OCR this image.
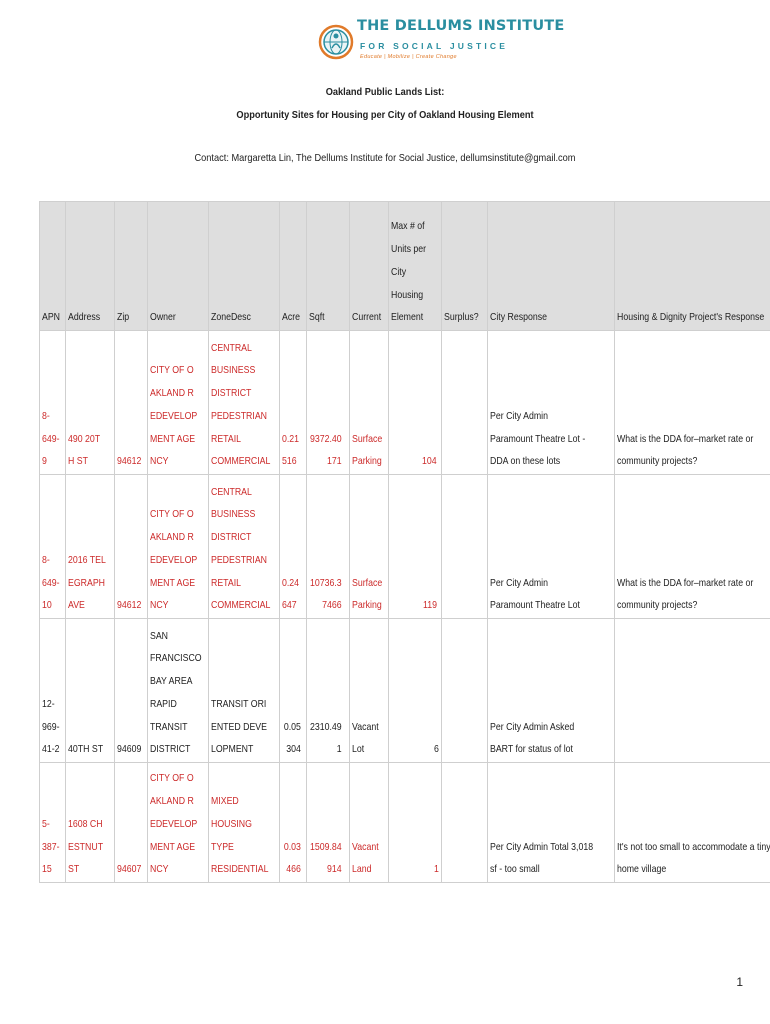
THE DELLUMS INSTITUTE
FOR SOCIAL JUSTICE
Educate | Mobilize | Create Change
Oakland Public Lands List:
Opportunity Sites for Housing per City of Oakland Housing Element
Contact: Margaretta Lin, The Dellums Institute for Social Justice, dellumsinstitute@gmail.com
APN	Address	Zip	Owner	ZoneDesc	Acre	Sqft	Current	Max # of Units per City Housing Element	Surplus?	City Response	Housing & Dignity Project's Response
8-649-9	490 20TH ST	94612	CITY OF OAKLAND REDEVELOPMENT AGENCY	CENTRAL BUSINESS DISTRICT PEDESTRIAN RETAIL COMMERCIAL	0.21516	9372.40171	Surface Parking	104		Per City Admin Paramount Theatre Lot - DDA on these lots	What is the DDA for–market rate or community projects?
8-649-10	2016 TELEGRAPH AVE	94612	CITY OF OAKLAND REDEVELOPMENT AGENCY	CENTRAL BUSINESS DISTRICT PEDESTRIAN RETAIL COMMERCIAL	0.24647	10736.37466	Surface Parking	119		Per City Admin Paramount Theatre Lot	What is the DDA for–market rate or community projects?
12-969-41-2	40TH ST	94609	SAN FRANCISCO BAY AREA RAPID TRANSIT DISTRICT	TRANSIT ORIENTED DEVELOPMENT	0.05304	2310.491	Vacant Lot	6		Per City Admin Asked BART for status of lot	
5-387-15	1608 CHESTNUT ST	94607	CITY OF OAKLAND REDEVELOPMENT AGENCY	MIXED HOUSING TYPE RESIDENTIAL	0.03466	1509.84914	Vacant Land	1		Per City Admin Total 3,018 sf - too small	It's not too small to accommodate a tiny home village
1
